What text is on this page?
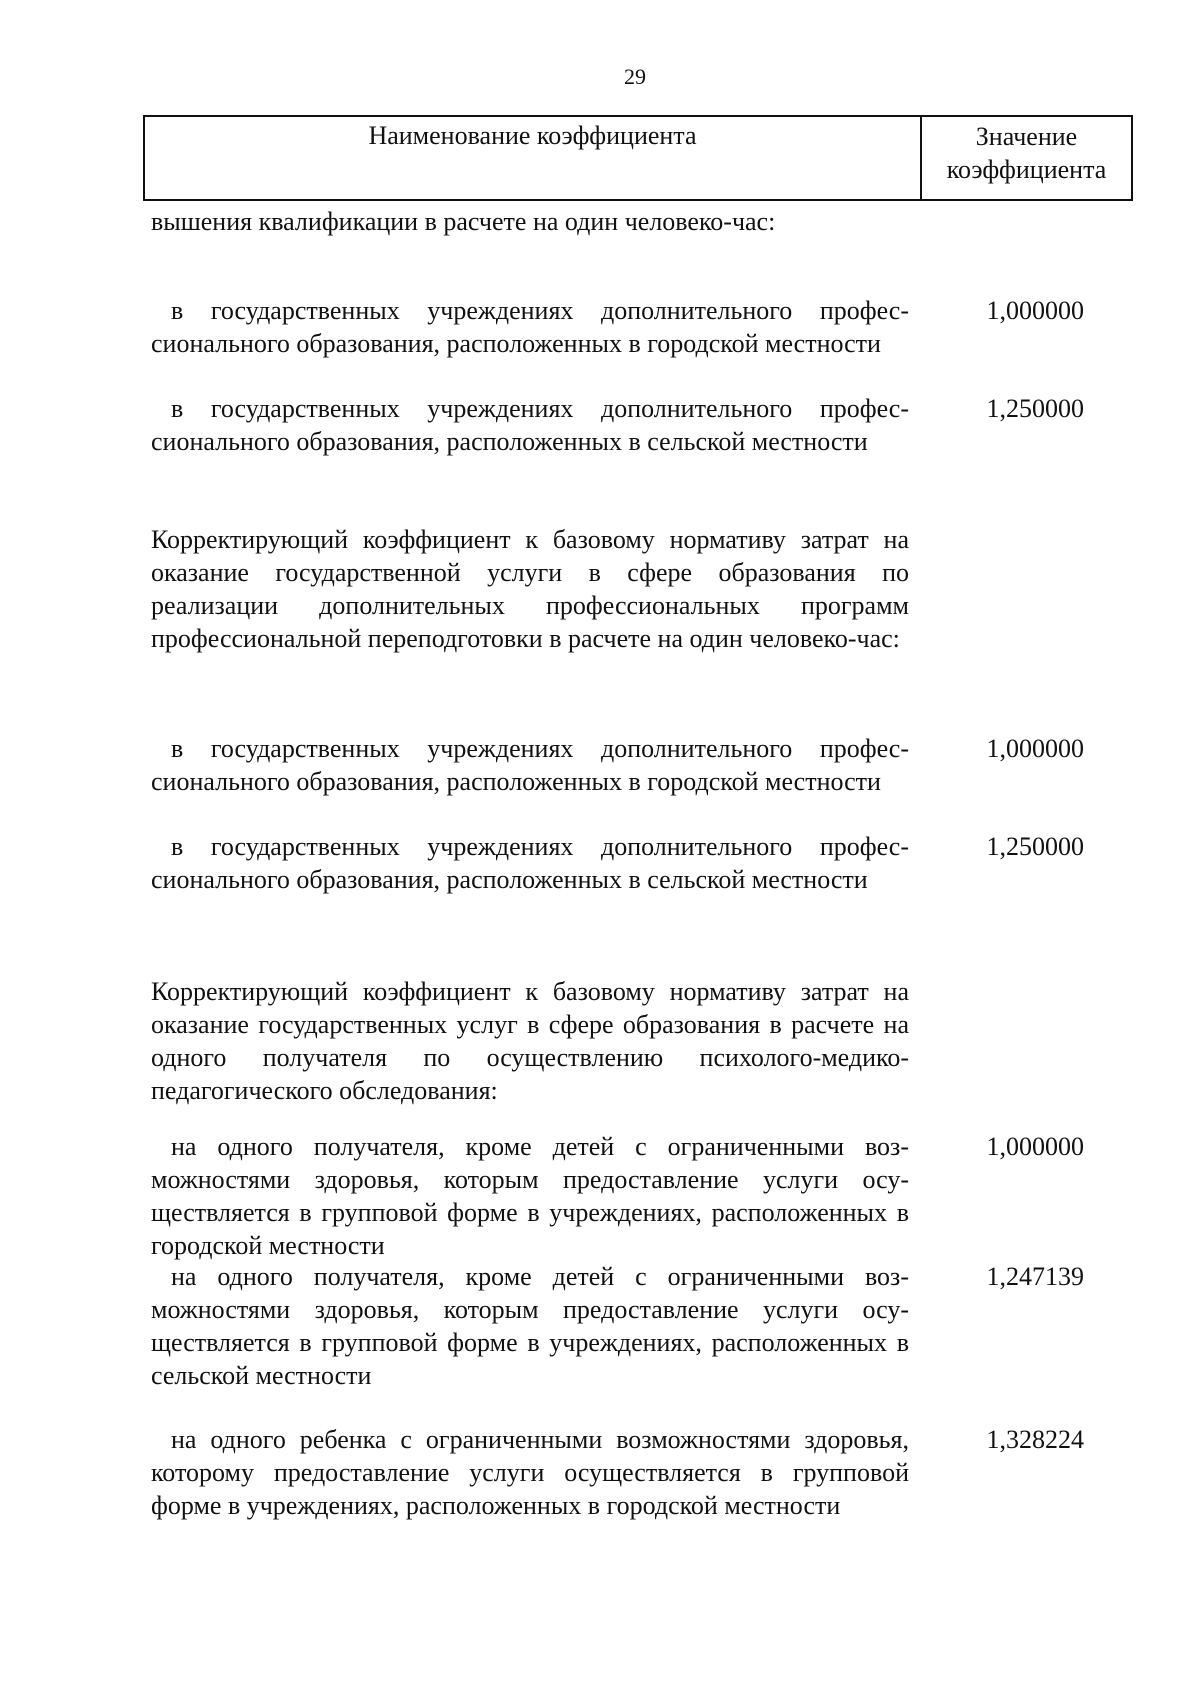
29
Наименование коэффициента	Значение
коэффициента
вышения квалификации в расчете на один человеко-час:
в государственных учреждениях дополнительного профессионального образования, расположенных в городской местности
1,000000
в государственных учреждениях дополнительного профессионального образования, расположенных в сельской местности
1,250000
Корректирующий коэффициент к базовому нормативу затрат на оказание государственной услуги в сфере образования по реализации дополнительных профессиональных программ профессиональной переподготовки в расчете на один человеко-час:
в государственных учреждениях дополнительного профессионального образования, расположенных в городской местности
1,000000
в государственных учреждениях дополнительного профессионального образования, расположенных в сельской местности
1,250000
Корректирующий коэффициент к базовому нормативу затрат на оказание государственных услуг в сфере образования в расчете на одного получателя по осуществлению психолого-медико-педагогического обследования:
на одного получателя, кроме детей с ограниченными возможностями здоровья, которым предоставление услуги осуществляется в групповой форме в учреждениях, расположенных в городской местности
1,000000
на одного получателя, кроме детей с ограниченными возможностями здоровья, которым предоставление услуги осуществляется в групповой форме в учреждениях, расположенных в сельской местности
1,247139
на одного ребенка с ограниченными возможностями здоровья, которому предоставление услуги осуществляется в групповой форме в учреждениях, расположенных в городской местности
1,328224
